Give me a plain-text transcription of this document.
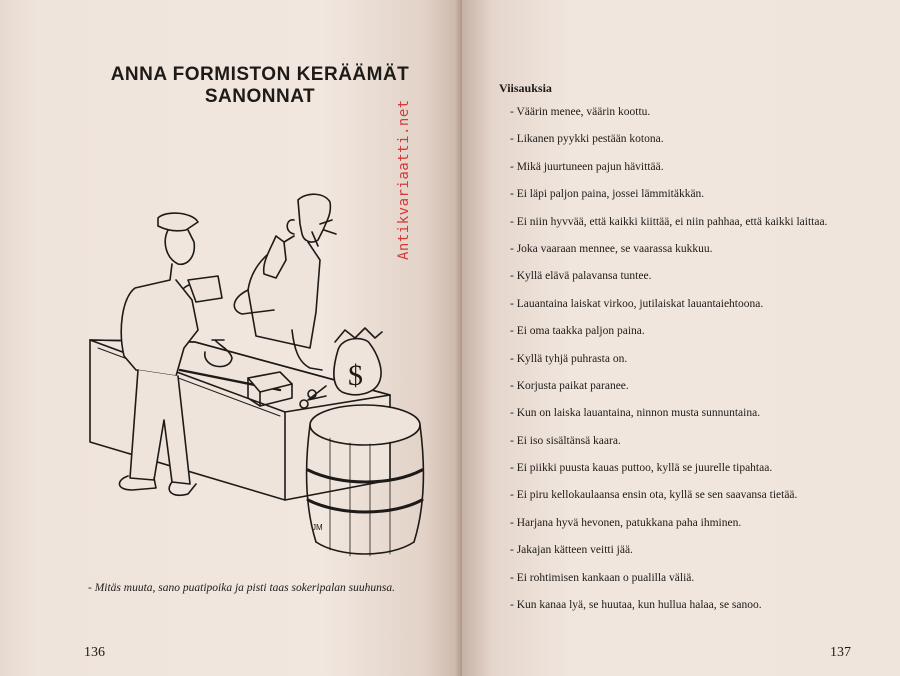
ANNA FORMISTON KERÄÄMÄT
SANONNAT
$
JM
- Mitäs muuta, sano puatipoika ja pisti taas sokeripalan suuhunsa.
136
Antikvariaatti.net
Viisauksia
- Väärin menee, väärin koottu.
- Likanen pyykki pestään kotona.
- Mikä juurtuneen pajun hävittää.
- Ei läpi paljon paina, jossei lämmitäkkän.
- Ei niin hyvvää, että kaikki kiittää, ei niin pahhaa, että kaikki laittaa.
- Joka vaaraan mennee, se vaarassa kukkuu.
- Kyllä elävä palavansa tuntee.
- Lauantaina laiskat virkoo, jutilaiskat lauantaiehtoona.
- Ei oma taakka paljon paina.
- Kyllä tyhjä puhrasta on.
- Korjusta paikat paranee.
- Kun on laiska lauantaina, ninnon musta sunnuntaina.
- Ei iso sisältänsä kaara.
- Ei piikki puusta kauas puttoo, kyllä se juurelle tipahtaa.
- Ei piru kellokaulaansa ensin ota, kyllä se sen saavansa tietää.
- Harjana hyvä hevonen, patukkana paha ihminen.
- Jakajan kätteen veitti jää.
- Ei rohtimisen kankaan o pualilla väliä.
- Kun kanaa lyä, se huutaa, kun hullua halaa, se sanoo.
137
